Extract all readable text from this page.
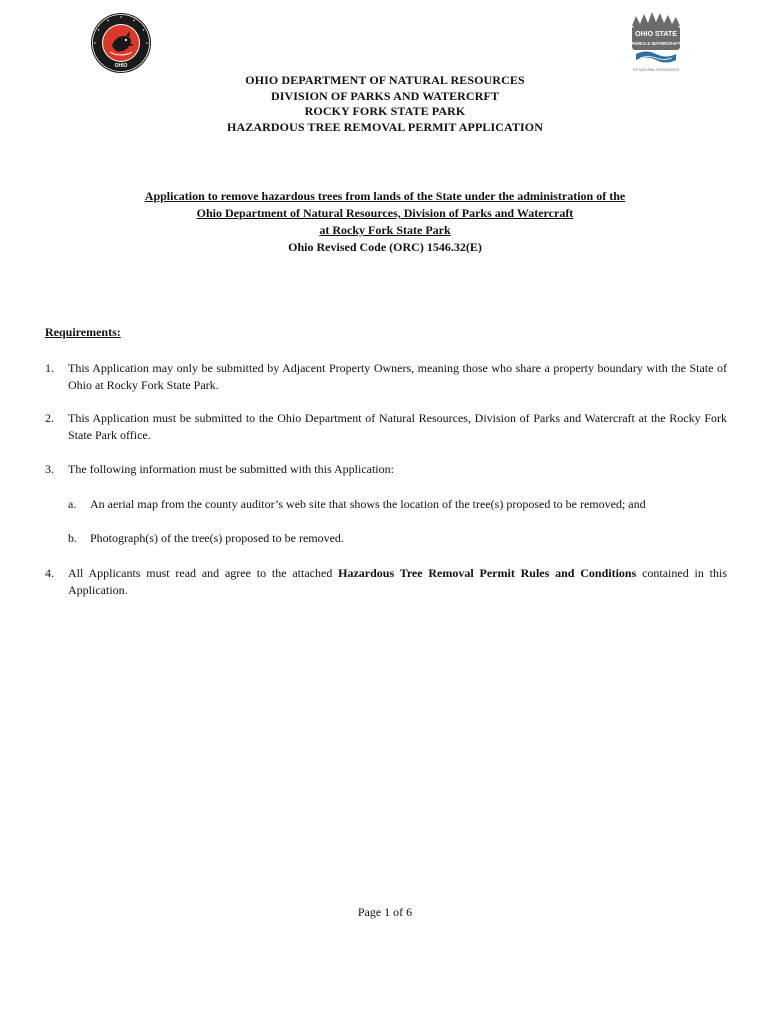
OHIO
OHIO STATE
PARKS & WATERCRAFT
OF NATURAL RESOURCES
OHIO DEPARTMENT OF NATURAL RESOURCES
DIVISION OF PARKS AND WATERCRFT
ROCKY FORK STATE PARK
HAZARDOUS TREE REMOVAL PERMIT APPLICATION
Application to remove hazardous trees from lands of the State under the administration of the
Ohio Department of Natural Resources, Division of Parks and Watercraft
at Rocky Fork State Park
Ohio Revised Code (ORC) 1546.32(E)
Requirements:
1.	This Application may only be submitted by Adjacent Property Owners, meaning those who share a property boundary with the State of Ohio at Rocky Fork State Park.
2.	This Application must be submitted to the Ohio Department of Natural Resources, Division of Parks and Watercraft at the Rocky Fork State Park office.
3.	The following information must be submitted with this Application:
a. An aerial map from the county auditor’s web site that shows the location of the tree(s) proposed to be removed; and
b. Photograph(s) of the tree(s) proposed to be removed.
4.	All Applicants must read and agree to the attached Hazardous Tree Removal Permit Rules and Conditions contained in this Application.
Page 1 of 6
